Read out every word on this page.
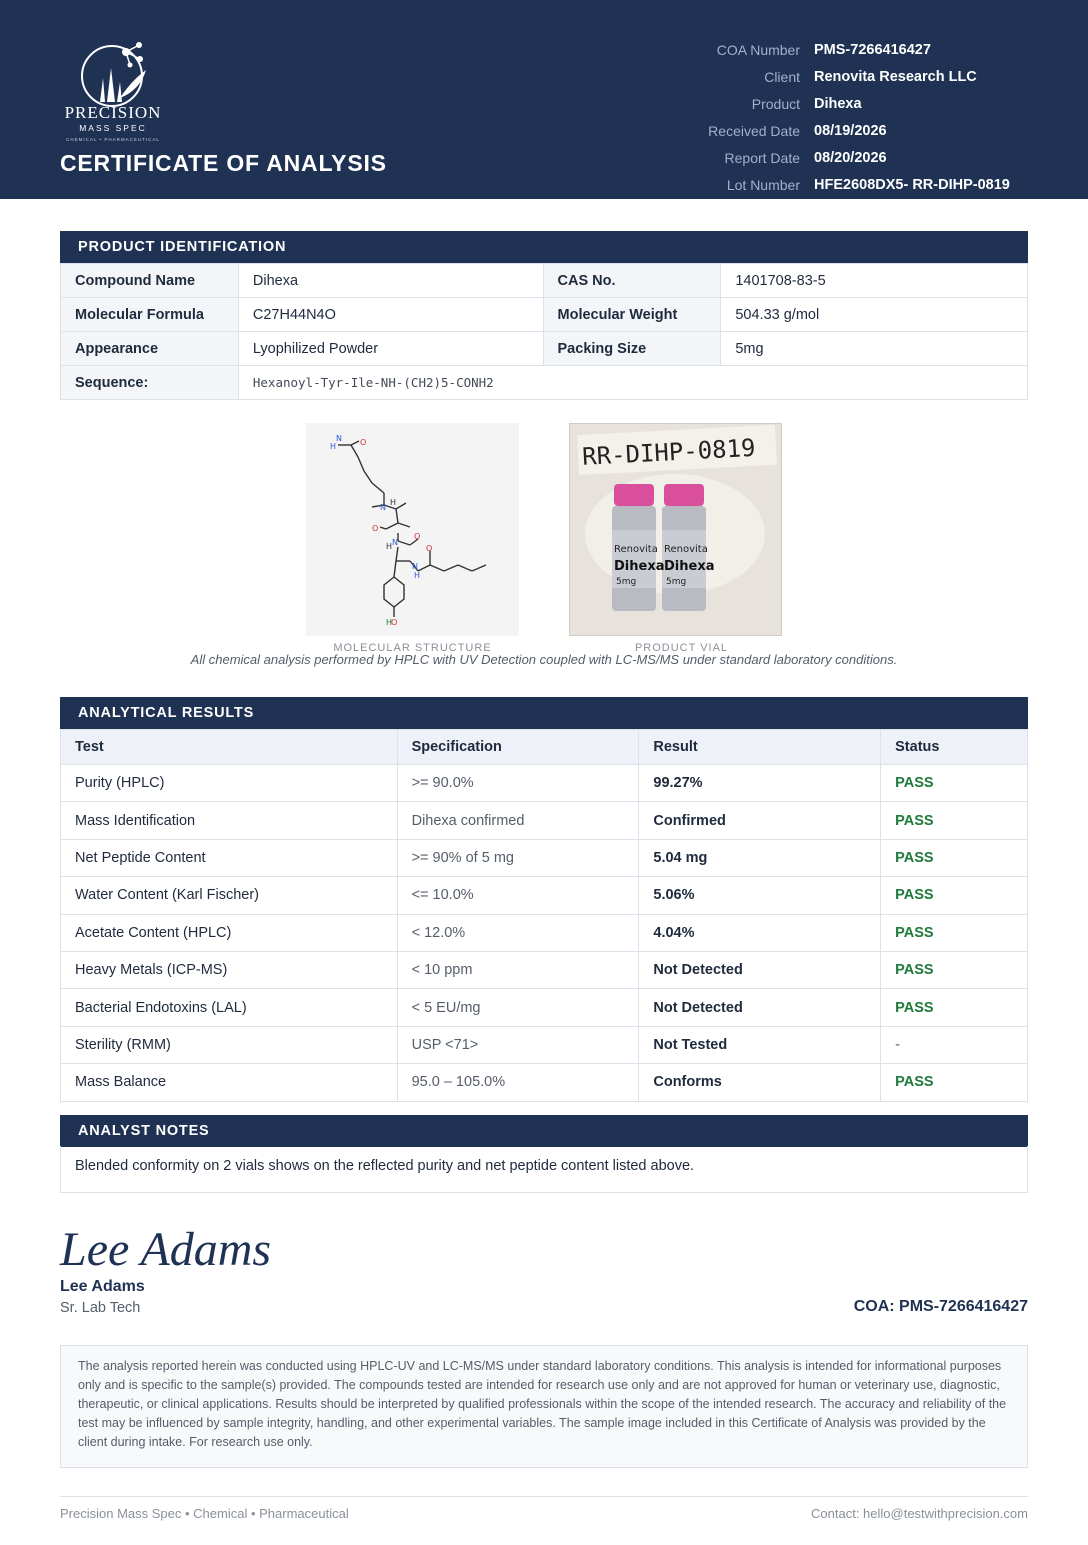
PRECISION
MASS SPEC
CHEMICAL • PHARMACEUTICAL
CERTIFICATE OF ANALYSIS
COA Number PMS-7266416427
Client Renovita Research LLC
Product Dihexa
Received Date 08/19/2026
Report Date 08/20/2026
Lot Number HFE2608DX5- RR-DIHP-0819
PRODUCT IDENTIFICATION
Compound Name	Dihexa	CAS No.	1401708-83-5
Molecular Formula	C27H44N4O	Molecular Weight	504.33 g/mol
Appearance	Lyophilized Powder	Packing Size	5mg
Sequence:	Hexanoyl-Tyr-Ile-NH-(CH2)5-CONH2		
H
N O
N
H
O
H N
O
O
N
H
O
H
MOLECULAR STRUCTURE
RR-DIHP-0819
Renovita
Dihexa
5mg
Renovita
Dihexa
5mg
PRODUCT VIAL
All chemical analysis performed by HPLC with UV Detection coupled with LC-MS/MS under standard laboratory conditions.
ANALYTICAL RESULTS
Test	Specification	Result	Status
Purity (HPLC)	>= 90.0%	99.27%	PASS
Mass Identification	Dihexa confirmed	Confirmed	PASS
Net Peptide Content	>= 90% of 5 mg	5.04 mg	PASS
Water Content (Karl Fischer)	<= 10.0%	5.06%	PASS
Acetate Content (HPLC)	< 12.0%	4.04%	PASS
Heavy Metals (ICP-MS)	< 10 ppm	Not Detected	PASS
Bacterial Endotoxins (LAL)	< 5 EU/mg	Not Detected	PASS
Sterility (RMM)	USP <71>	Not Tested	-
Mass Balance	95.0 – 105.0%	Conforms	PASS
ANALYST NOTES
Blended conformity on 2 vials shows on the reflected purity and net peptide content listed above.
Lee Adams
Lee Adams
Sr. Lab Tech	COA: PMS-7266416427
The analysis reported herein was conducted using HPLC-UV and LC-MS/MS under standard laboratory conditions. This analysis is intended for informational purposes only and is specific to the sample(s) provided. The compounds tested are intended for research use only and are not approved for human or veterinary use, diagnostic, therapeutic, or clinical applications. Results should be interpreted by qualified professionals within the scope of the intended research. The accuracy and reliability of the test may be influenced by sample integrity, handling, and other experimental variables. The sample image included in this Certificate of Analysis was provided by the client during intake. For research use only.
Precision Mass Spec • Chemical • Pharmaceutical	Contact: hello@testwithprecision.com
